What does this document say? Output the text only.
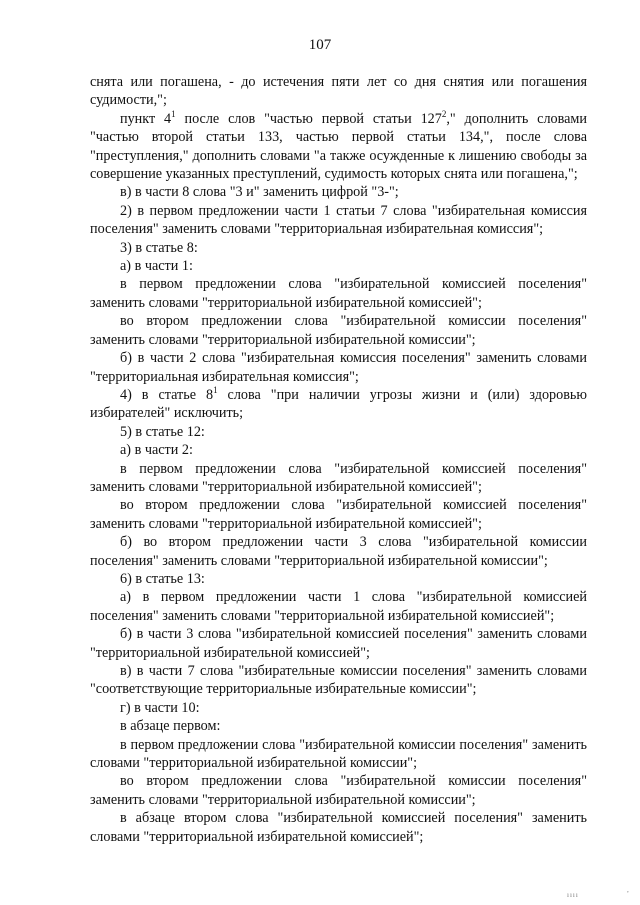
107

снята или погашена, - до истечения пяти лет со дня снятия или погашения судимости,";

пункт $4^1$ после слов "частью первой статьи $127^2$," дополнить словами "частью второй статьи 133, частью первой статьи 134,", после слова "преступления," дополнить словами "а также осужденные к лишению свободы за совершение указанных преступлений, судимость которых снята или погашена,";

в) в части 8 слова "3 и" заменить цифрой "3-";

2) в первом предложении части 1 статьи 7 слова "избирательная комиссия поселения" заменить словами "территориальная избирательная комиссия";

3) в статье 8:

а) в части 1:

в первом предложении слова "избирательной комиссией поселения" заменить словами "территориальной избирательной комиссией";

во втором предложении слова "избирательной комиссии поселения" заменить словами "территориальной избирательной комиссии";

б) в части 2 слова "избирательная комиссия поселения" заменить словами "территориальная избирательная комиссия";

4) в статье $8^1$ слова "при наличии угрозы жизни и (или) здоровью избирателей" исключить;

5) в статье 12:

а) в части 2:

в первом предложении слова "избирательной комиссией поселения" заменить словами "территориальной избирательной комиссией";

во втором предложении слова "избирательной комиссией поселения" заменить словами "территориальной избирательной комиссией";

б) во втором предложении части 3 слова "избирательной комиссии поселения" заменить словами "территориальной избирательной комиссии";

6) в статье 13:

а) в первом предложении части 1 слова "избирательной комиссией поселения" заменить словами "территориальной избирательной комиссией";

б) в части 3 слова "избирательной комиссией поселения" заменить словами "территориальной избирательной комиссией";

в) в части 7 слова "избирательные комиссии поселения" заменить словами "соответствующие территориальные избирательные комиссии";

г) в части 10:

в абзаце первом:

в первом предложении слова "избирательной комиссии поселения" заменить словами "территориальной избирательной комиссии";

во втором предложении слова "избирательной комиссии поселения" заменить словами "территориальной избирательной комиссии";

в абзаце втором слова "избирательной комиссией поселения" заменить словами "территориальной избирательной комиссией";

,
ıııı
